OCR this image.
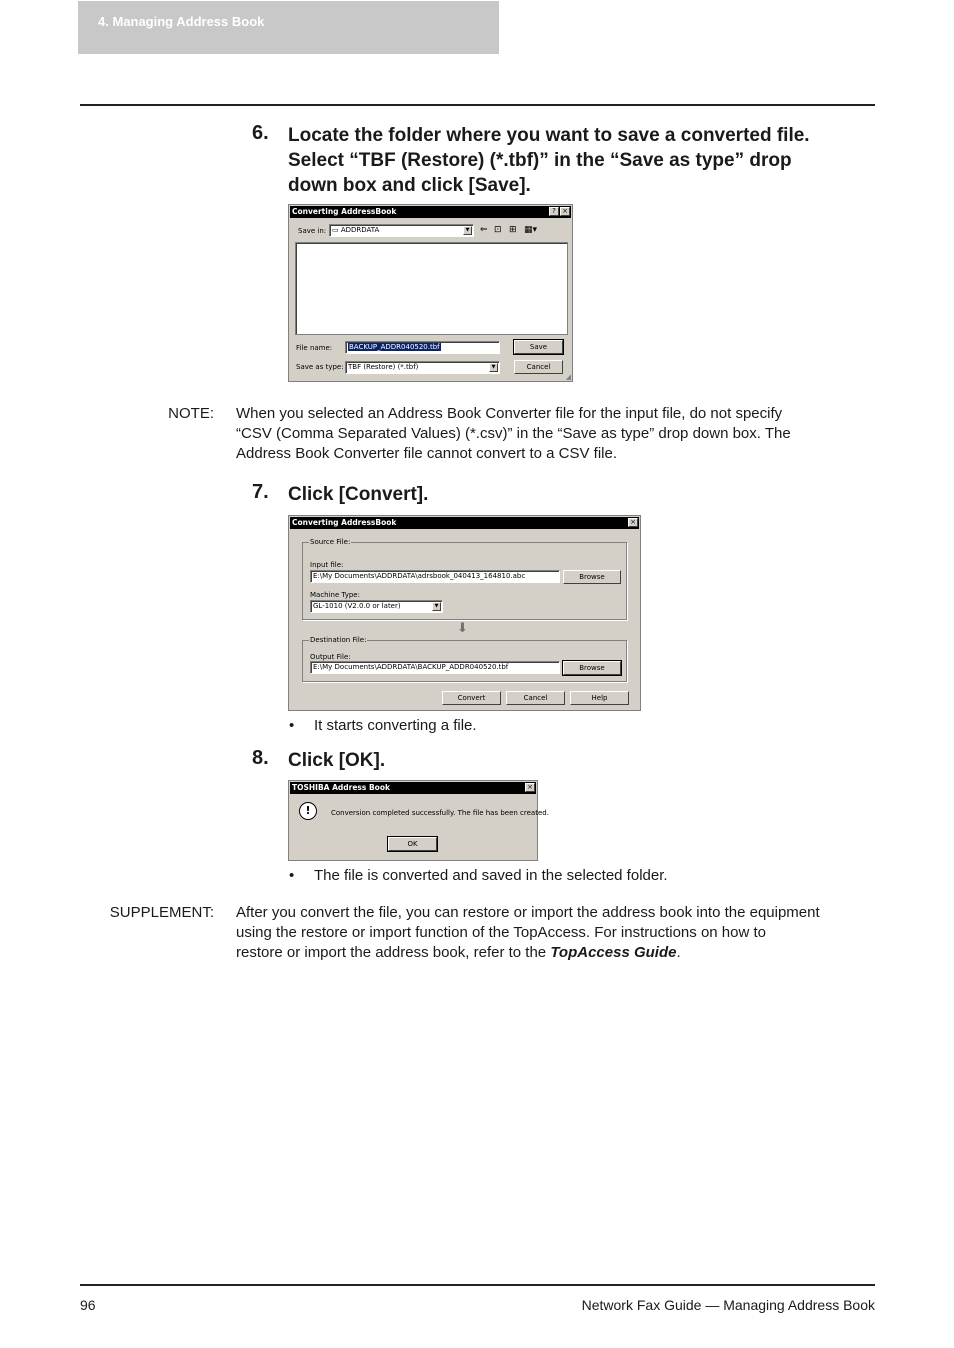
4. Managing Address Book
6. Locate the folder where you want to save a converted file.
Select “TBF (Restore) (*.tbf)” in the “Save as type” drop
down box and click [Save].
Converting AddressBook	? ×
Save in: ▭ ADDRDATA	▼ ⇐ ⊡ ⊞ ▦▾
File name:	BACKUP_ADDR040520.tbf
Save as type: TBF (Restore) (*.tbf)	▼
Save
Cancel
◢
NOTE: When you selected an Address Book Converter file for the input file, do not specify
“CSV (Comma Separated Values) (*.csv)” in the “Save as type” drop down box. The
Address Book Converter file cannot convert to a CSV file.
7. Click [Convert].
Converting AddressBook	×
Source File:
Input file:
E:\My Documents\ADDRDATA\adrsbook_040413_164810.abc	Browse
Machine Type:
GL-1010 (V2.0.0 or later)	▼
⬇
Destination File:
Output File:
E:\My Documents\ADDRDATA\BACKUP_ADDR040520.tbf	Browse
Convert	Cancel	Help
• It starts converting a file.
8. Click [OK].
TOSHIBA Address Book	×
!	Conversion completed successfully. The file has been created.
OK
• The file is converted and saved in the selected folder.
SUPPLEMENT: After you convert the file, you can restore or import the address book into the equipment
using the restore or import function of the TopAccess. For instructions on how to
restore or import the address book, refer to the TopAccess Guide.
96	Network Fax Guide — Managing Address Book
